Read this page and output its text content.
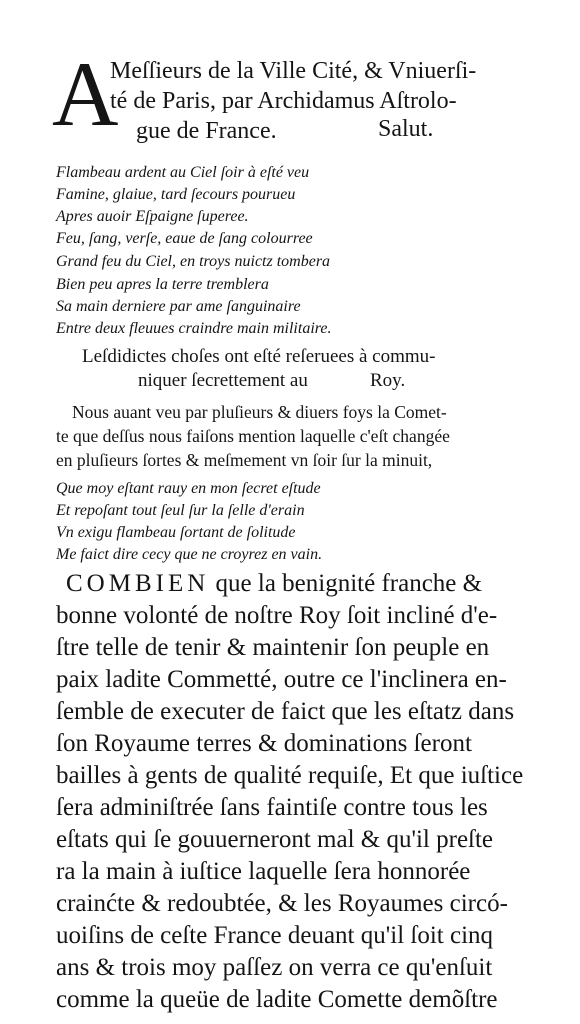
A
Meſſieurs de la Ville Cité, & Vniuerſi-
té de Paris, par Archidamus Aſtrolo-
gue de France.	Salut.
Flambeau ardent au Ciel ſoir à eſté veu
Famine, glaiue, tard ſecours pourueu
Apres auoir Eſpaigne ſuperee.
Feu, ſang, verſe, eaue de ſang colourree
Grand feu du Ciel, en troys nuictz tombera
Bien peu apres la terre tremblera
Sa main derniere par ame ſanguinaire
Entre deux fleuues craindre main militaire.
Leſdidictes choſes ont eſté reſeruees à commu-
niquer ſecrettement au	Roy.
Nous auant veu par pluſieurs & diuers foys la Comet-
te que deſſus nous faiſons mention laquelle c'eſt changée
en pluſieurs ſortes & meſmement vn ſoir ſur la minuit,
Que moy eſtant rauy en mon ſecret eſtude
Et repoſant tout ſeul ſur la ſelle d'erain
Vn exigu flambeau ſortant de ſolitude
Me faict dire cecy que ne croyrez en vain.
COMBIEN que la benignité franche &
bonne volonté de noſtre Roy ſoit incliné d'e-
ſtre telle de tenir & maintenir ſon peuple en
paix ladite Commetté, outre ce l'inclinera en-
ſemble de executer de faict que les eſtatz dans
ſon Royaume terres & dominations ſeront
bailles à gents de qualité requiſe, Et que iuſtice
ſera adminiſtrée ſans faintiſe contre tous les
eſtats qui ſe gouuerneront mal & qu'il preſte
ra la main à iuſtice laquelle ſera honnorée
crainćte & redoubtée, & les Royaumes circó-
uoiſins de ceſte France deuant qu'il ſoit cinq
ans & trois moy paſſez on verra ce qu'enſuit
comme la queüe de ladite Comette demõſtre
